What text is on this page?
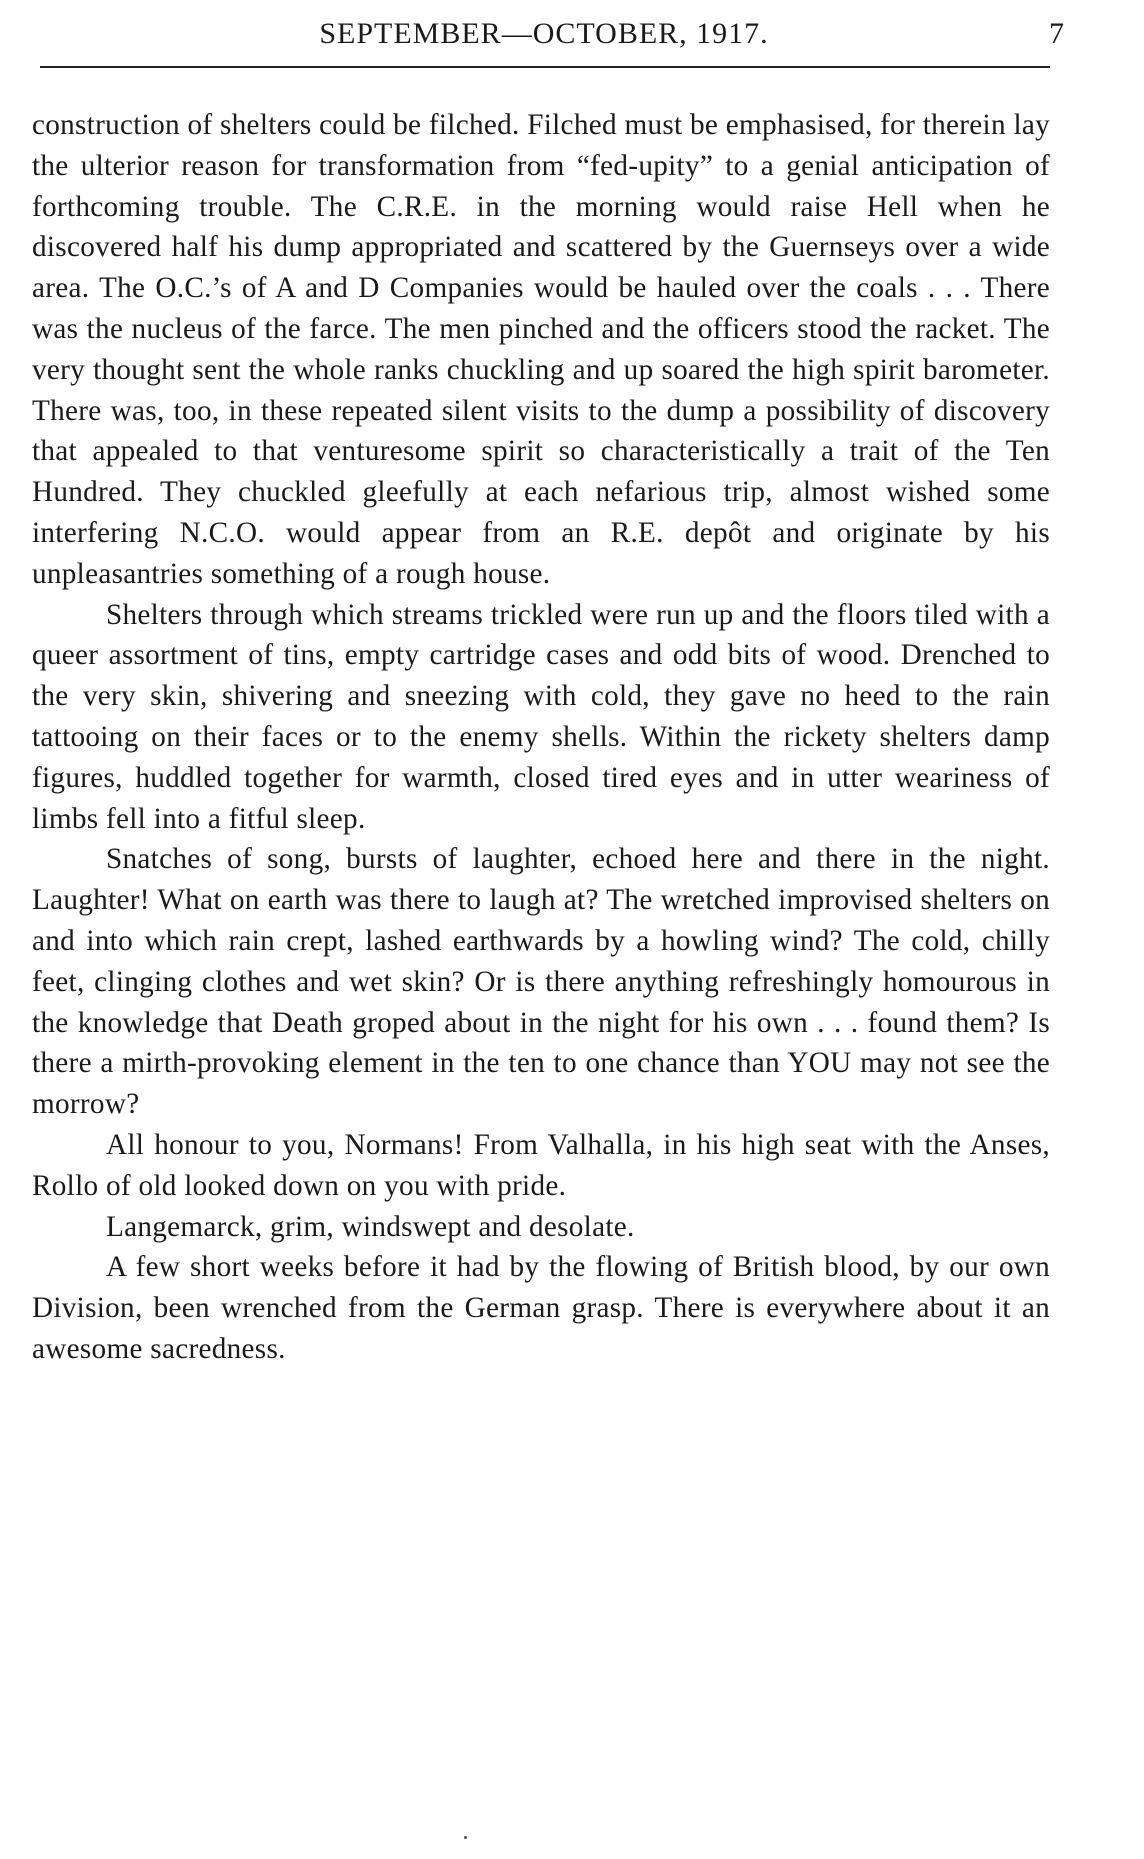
SEPTEMBER—OCTOBER, 1917.	7

construction of shelters could be filched. Filched must be emphasised, for therein lay the ulterior reason for transformation from “fed-upity” to a genial anticipation of forthcoming trouble. The C.R.E. in the morning would raise Hell when he discovered half his dump appropriated and scattered by the Guernseys over a wide area. The O.C.’s of A and D Companies would be hauled over the coals . . . There was the nucleus of the farce. The men pinched and the officers stood the racket. The very thought sent the whole ranks chuckling and up soared the high spirit barometer. There was, too, in these repeated silent visits to the dump a possibility of discovery that appealed to that venturesome spirit so characteristically a trait of the Ten Hundred. They chuckled gleefully at each nefarious trip, almost wished some interfering N.C.O. would appear from an R.E. depôt and originate by his unpleasantries something of a rough house.

Shelters through which streams trickled were run up and the floors tiled with a queer assortment of tins, empty cartridge cases and odd bits of wood. Drenched to the very skin, shivering and sneezing with cold, they gave no heed to the rain tattooing on their faces or to the enemy shells. Within the rickety shelters damp figures, huddled together for warmth, closed tired eyes and in utter weariness of limbs fell into a fitful sleep.

Snatches of song, bursts of laughter, echoed here and there in the night. Laughter! What on earth was there to laugh at? The wretched improvised shelters on and into which rain crept, lashed earthwards by a howling wind? The cold, chilly feet, clinging clothes and wet skin? Or is there anything refreshingly homourous in the knowledge that Death groped about in the night for his own . . . found them? Is there a mirth-provoking element in the ten to one chance than YOU may not see the morrow?

All honour to you, Normans! From Valhalla, in his high seat with the Anses, Rollo of old looked down on you with pride.

Langemarck, grim, windswept and desolate.

A few short weeks before it had by the flowing of British blood, by our own Division, been wrenched from the German grasp. There is everywhere about it an awesome sacredness.
